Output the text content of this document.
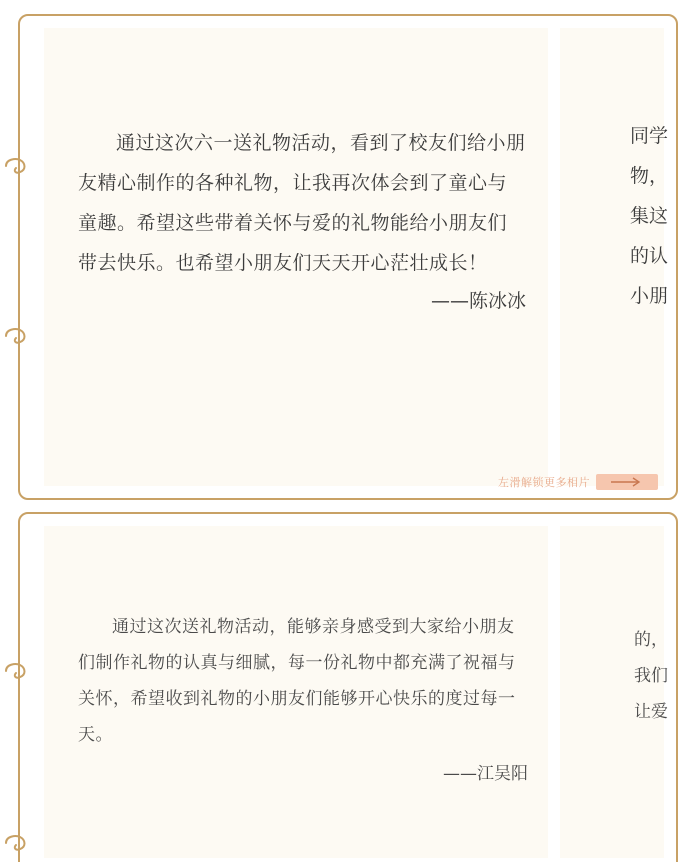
通过这次六一送礼物活动，看到了校友们给小朋友精心制作的各种礼物，让我再次体会到了童心与童趣。希望这些带着关怀与爱的礼物能给小朋友们带去快乐。也希望小朋友们天天开心茫壮成长！

——陈冰冰
同学
物，
集这
的认
小朋
左滑解锁更多相片

通过这次送礼物活动，能够亲身感受到大家给小朋友们制作礼物的认真与细腻，每一份礼物中都充满了祝福与关怀，希望收到礼物的小朋友们能够开心快乐的度过每一天。

——江吴阳
的，
我们
让爱
